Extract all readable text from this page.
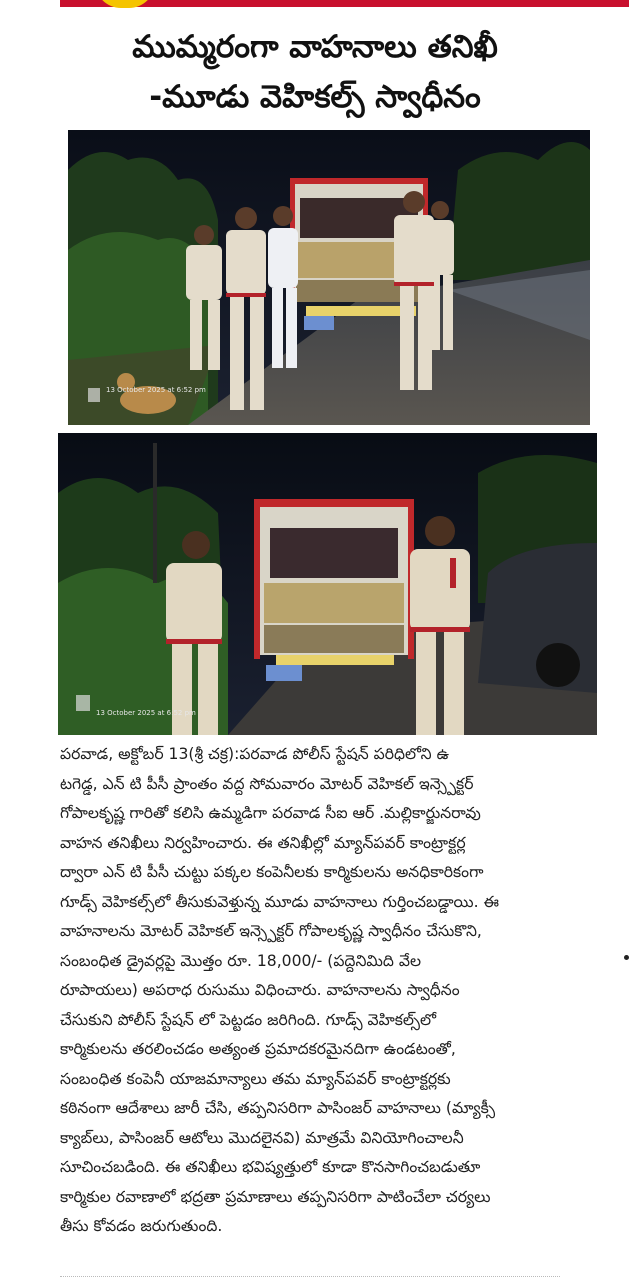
ముమ్మరంగా వాహనాలు తనిఖీ
-మూడు వెహికల్స్ స్వాధీనం
13 October 2025 at 6:52 pm
13 October 2025 at 6:52 pm
పరవాడ, అక్టోబర్ 13(శ్రీ చక్ర):పరవాడ పోలీస్ స్టేషన్ పరిధిలోని ఉ
టగెడ్డ, ఎన్ టి పీసీ ప్రాంతం వద్ద సోమవారం మోటర్ వెహికల్ ఇన్స్పెక్టర్
గోపాలకృష్ణ గారితో కలిసి ఉమ్మడిగా పరవాడ సీఐ ఆర్ .మల్లికార్జునరావు
వాహన తనిఖీలు నిర్వహించారు. ఈ తనిఖీల్లో మ్యాన్‌పవర్ కాంట్రాక్టర్ల
ద్వారా ఎన్ టి పీసీ చుట్టు పక్కల కంపెనీలకు కార్మికులను అనధికారికంగా
గూడ్స్ వెహికల్స్‌లో తీసుకువెళ్తున్న మూడు వాహనాలు గుర్తించబడ్డాయి. ఈ
వాహనాలను మోటర్ వెహికల్ ఇన్స్పెక్టర్ గోపాలకృష్ణ స్వాధీనం చేసుకొని,
సంబంధిత డ్రైవర్లపై మొత్తం రూ. 18,000/- (పద్దెనిమిది వేల
రూపాయలు) అపరాధ రుసుము విధించారు. వాహనాలను స్వాధీనం
చేసుకుని పోలీస్ స్టేషన్ లో పెట్టడం జరిగింది. గూడ్స్ వెహికల్స్‌లో
కార్మికులను తరలించడం అత్యంత ప్రమాదకరమైనదిగా ఉండటంతో,
సంబంధిత కంపెనీ యాజమాన్యాలు తమ మ్యాన్‌పవర్ కాంట్రాక్టర్లకు
కఠినంగా ఆదేశాలు జారీ చేసి, తప్పనిసరిగా పాసింజర్ వాహనాలు (మ్యాక్సీ
క్యాబ్‌లు, పాసింజర్ ఆటోలు మొదలైనవి) మాత్రమే వినియోగించాలనీ
సూచించబడింది. ఈ తనిఖీలు భవిష్యత్తులో కూడా కొనసాగించబడుతూ
కార్మికుల రవాణాలో భద్రతా ప్రమాణాలు తప్పనిసరిగా పాటించేలా చర్యలు
తీసు కోవడం జరుగుతుంది.
